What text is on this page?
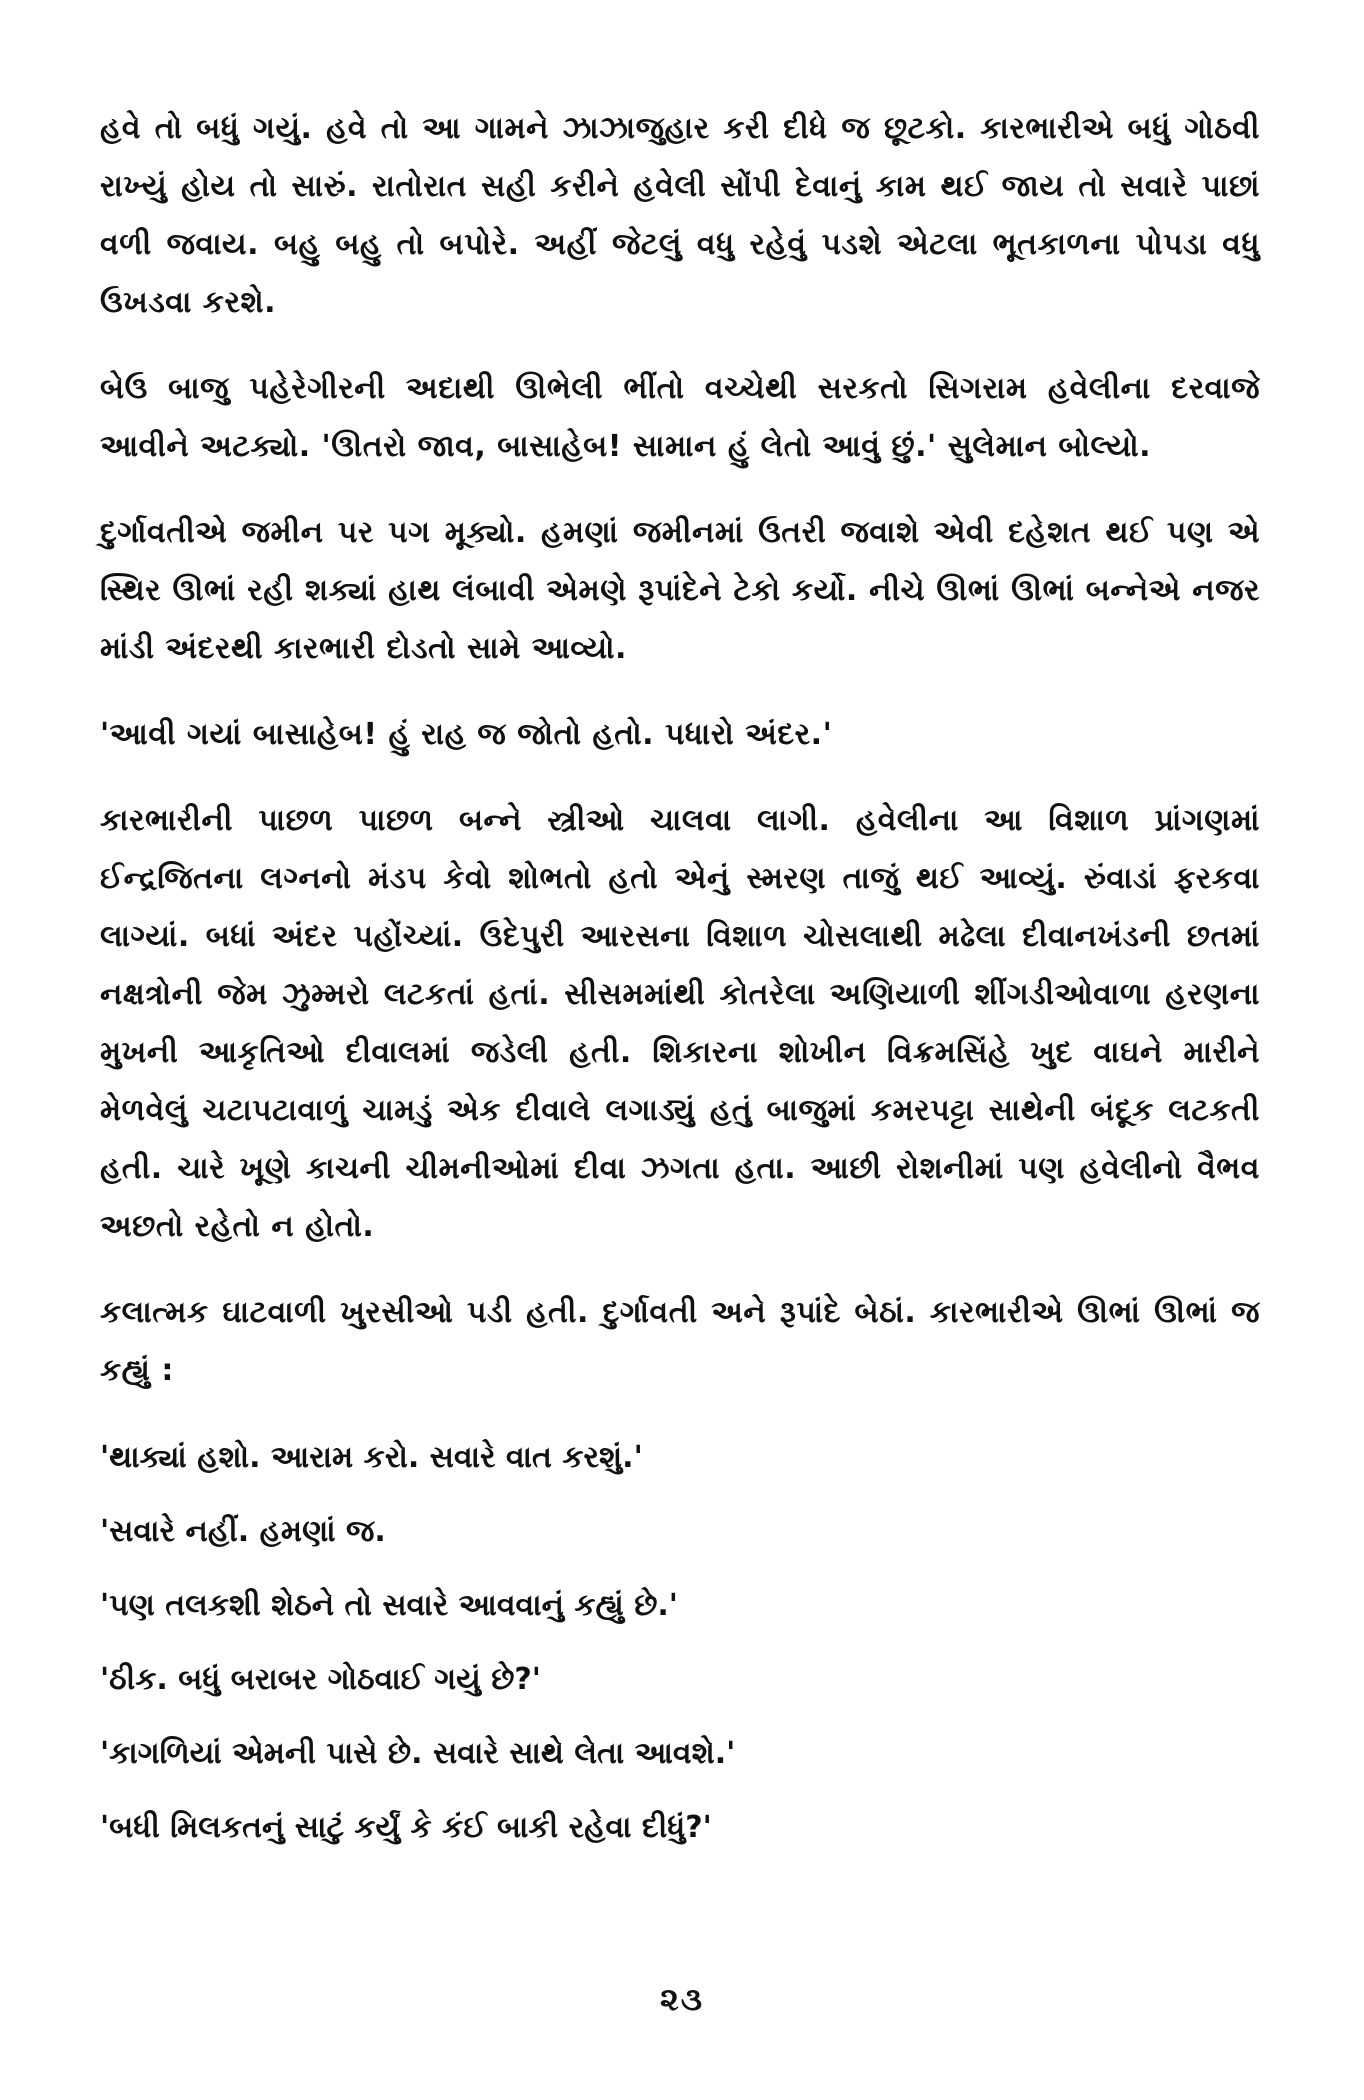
હવે તો બધું ગયું. હવે તો આ ગામને ઝાઝાજુહાર કરી દીધે જ છૂટકો. કારભારીએ બધું ગોઠવી રાખ્યું હોય તો સારું. રાતોરાત સહી કરીને હવેલી સોંપી દેવાનું કામ થઈ જાય તો સવારે પાછાં વળી જવાય. બહુ બહુ તો બપોરે. અહીં જેટલું વધુ રહેવું પડશે એટલા ભૂતકાળના પોપડા વધુ ઉખડવા કરશે.

બેઉ બાજુ પહેરેગીરની અદાથી ઊભેલી ભીંતો વચ્ચેથી સરકતો સિગરામ હવેલીના દરવાજે આવીને અટક્યો. 'ઊતરો જાવ, બાસાહેબ! સામાન હું લેતો આવું છું.' સુલેમાન બોલ્યો.

દુર્ગાવતીએ જમીન પર પગ મૂક્યો. હમણાં જમીનમાં ઉતરી જવાશે એવી દહેશત થઈ પણ એ સ્થિર ઊભાં રહી શક્યાં હાથ લંબાવી એમણે રૂપાંદેને ટેકો કર્યો. નીચે ઊભાં ઊભાં બન્નેએ નજર માંડી અંદરથી કારભારી દોડતો સામે આવ્યો.

'આવી ગયાં બાસાહેબ! હું રાહ જ જોતો હતો. પધારો અંદર.'

કારભારીની પાછળ પાછળ બન્ને સ્ત્રીઓ ચાલવા લાગી. હવેલીના આ વિશાળ પ્રાંગણમાં ઈન્દ્રજિતના લગ્નનો મંડપ કેવો શોભતો હતો એનું સ્મરણ તાજું થઈ આવ્યું. રુંવાડાં ફરકવા લાગ્યાં. બધાં અંદર પહોંચ્યાં. ઉદેપુરી આરસના વિશાળ ચોસલાથી મઢેલા દીવાનખંડની છતમાં નક્ષત્રોની જેમ ઝુમ્મરો લટકતાં હતાં. સીસમમાંથી કોતરેલા અણિયાળી શીંગડીઓવાળા હરણના મુખની આકૃતિઓ દીવાલમાં જડેલી હતી. શિકારના શોખીન વિક્રમસિંહે ખુદ વાઘને મારીને મેળવેલું ચટાપટાવાળું ચામડું એક દીવાલે લગાડ્યું હતું બાજુમાં કમરપટ્ટા સાથેની બંદૂક લટકતી હતી. ચારે ખૂણે કાચની ચીમનીઓમાં દીવા ઝગતા હતા. આછી રોશનીમાં પણ હવેલીનો વૈભવ અછતો રહેતો ન હોતો.

કલાત્મક ઘાટવાળી ખુરસીઓ પડી હતી. દુર્ગાવતી અને રૂપાંદે બેઠાં. કારભારીએ ઊભાં ઊભાં જ કહ્યું :

'થાક્યાં હશો. આરામ કરો. સવારે વાત કરશું.'

'સવારે નહીં. હમણાં જ.

'પણ તલકશી શેઠને તો સવારે આવવાનું કહ્યું છે.'

'ઠીક. બધું બરાબર ગોઠવાઈ ગયું છે?'

'કાગળિયાં એમની પાસે છે. સવારે સાથે લેતા આવશે.'

'બધી મિલકતનું સાટું કર્યું કે કંઈ બાકી રહેવા દીધું?'

૨૩
